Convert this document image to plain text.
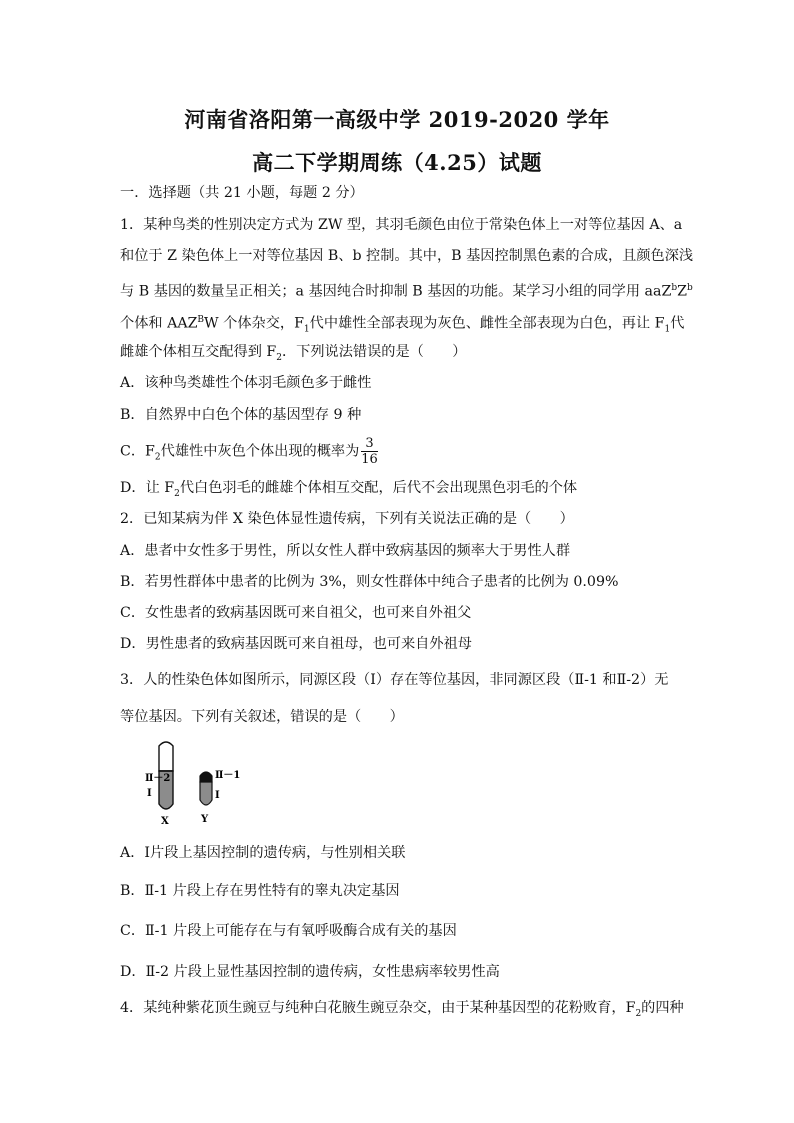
河南省洛阳第一高级中学 2019-2020 学年
高二下学期周练（4.25）试题
一．选择题（共 21 小题，每题 2 分）
1．某种鸟类的性别决定方式为 ZW 型，其羽毛颜色由位于常染色体上一对等位基因 A、a
和位于 Z 染色体上一对等位基因 B、b 控制。其中，B 基因控制黑色素的合成，且颜色深浅
与 B 基因的数量呈正相关；a 基因纯合时抑制 B 基因的功能。某学习小组的同学用 $aaZ^bZ^b$
个体和 $AAZ^BW$ 个体杂交，$F_1$代中雄性全部表现为灰色、雌性全部表现为白色，再让 $F_1$代
雌雄个体相互交配得到 $F_2$．下列说法错误的是（　　）
A．该种鸟类雄性个体羽毛颜色多于雌性
B．自然界中白色个体的基因型存 9 种
C．$F_2$代雄性中灰色个体出现的概率为 $\frac{3}{16}$
D．让 $F_2$代白色羽毛的雌雄个体相互交配，后代不会出现黑色羽毛的个体
2．已知某病为伴 X 染色体显性遗传病，下列有关说法正确的是（　　）
A．患者中女性多于男性，所以女性人群中致病基因的频率大于男性人群
B．若男性群体中患者的比例为 3%，则女性群体中纯合子患者的比例为 0.09%
C．女性患者的致病基因既可来自祖父，也可来自外祖父
D．男性患者的致病基因既可来自祖母，也可来自外祖母
3．人的性染色体如图所示，同源区段（Ⅰ）存在等位基因，非同源区段（Ⅱ-1 和Ⅱ-2）无
等位基因。下列有关叙述，错误的是（　　）
Ⅱ－2
Ⅰ
Ⅱ－1
Ⅰ
X	Y
A．Ⅰ片段上基因控制的遗传病，与性别相关联
B．Ⅱ-1 片段上存在男性特有的睾丸决定基因
C．Ⅱ-1 片段上可能存在与有氧呼吸酶合成有关的基因
D．Ⅱ-2 片段上显性基因控制的遗传病，女性患病率较男性高
4．某纯种紫花顶生豌豆与纯种白花腋生豌豆杂交，由于某种基因型的花粉败育，$F_2$的四种
